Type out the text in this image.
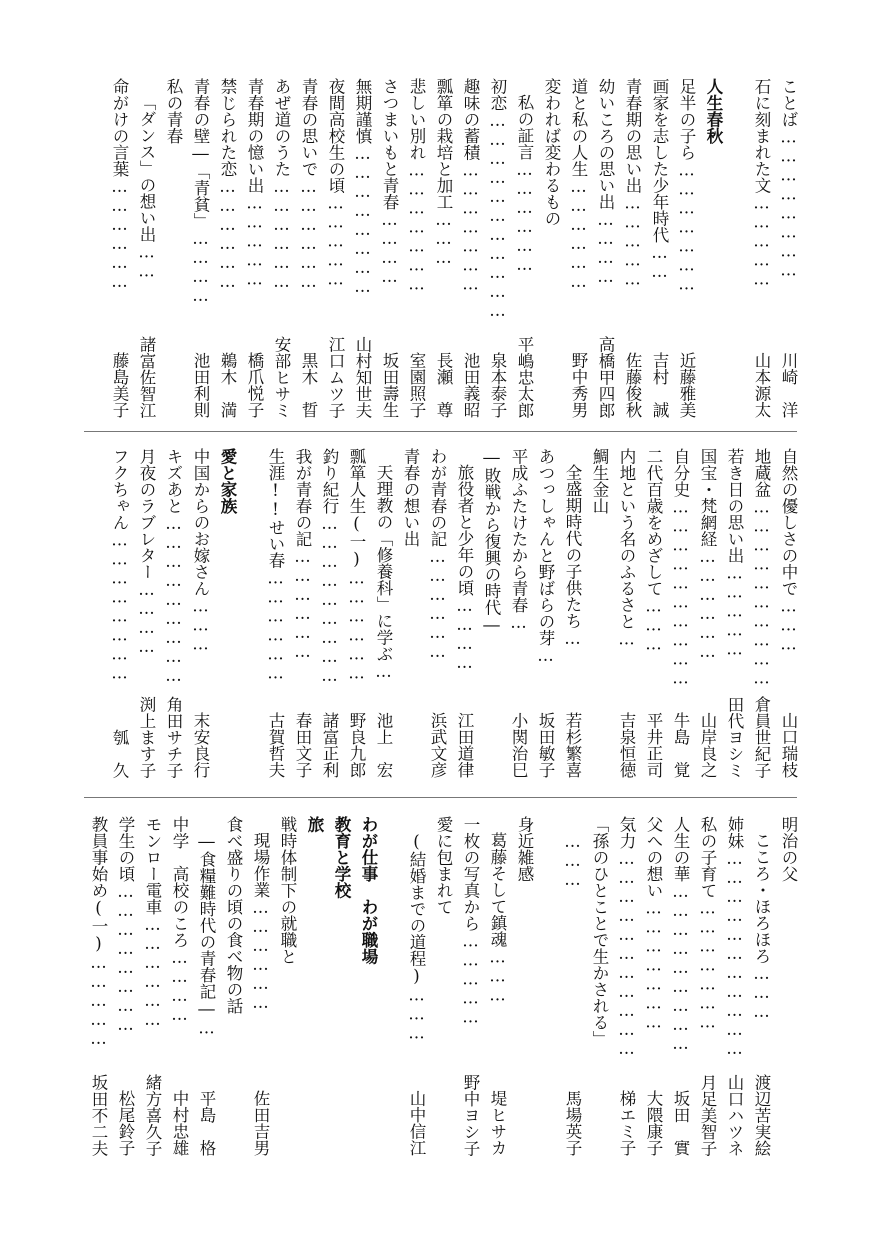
ことば……………………
川崎　洋
石に刻まれた文……………
山本源太
人生春秋
足半の子ら…………………
近藤雅美
画家を志した少年時代……
吉村　誠
青春期の思い出……………
佐藤俊秋
幼いころの思い出…………
高橋甲四郎
道と私の人生………………
野中秀男
変われば変わるもの
私の証言………………
平嶋忠太郎
初恋……………………………
泉本泰子
趣味の蓄積…………………
池田義昭
瓢箪の栽培と加工………
長瀬　尊
悲しい別れ…………………
室園照子
さつまいもと青春…………
坂田壽生
無期謹慎……………………
山村知世夫
夜間高校生の頃……………
江口ムツ子
青春の思いで………………
黒木　晢
あぜ道のうた………………
安部ヒサミ
青春期の憶い出……………
橋爪悦子
禁じられた恋………………
鵜木　満
青春の壁―「青貧」…………
池田利則
私の青春
「ダンス」の想い出……
諸富佐智江
命がけの言葉………………
藤島美子
自然の優しさの中で………
山口瑞枝
地蔵盆…………………………
倉員世紀子
若き日の思い出……………
田代ヨシミ
国宝・梵網経………………
山岸良之
自分史…………………………
牛島　覚
二代百歳をめざして………
平井正司
内地という名のふるさと…
吉泉恒徳
鯛生金山
全盛期時代の子供たち…
若杉繁喜
あつっしゃんと野ばらの芽…
坂田敏子
平成ふたけたから青春…
小関治巳
―敗戦から復興の時代―
旅役者と少年の頃…………
江田道律
わが青春の記………………
浜武文彦
青春の想い出
天理教の「修養科」に学ぶ…
池上　宏
瓢箪人生(一)………………
野良九郎
釣り紀行………………………
諸富正利
我が青春の記………………
春田文子
生涯!!せい春………………
古賀哲夫
愛と家族
中国からのお嫁さん………
末安良行
キズあと………………………
角田サチ子
月夜のラブレター…………
渕上ます子
フクちゃん……………………
瓠　久
明治の父
こころ・ほろほろ………
渡辺苦実絵
姉妹……………………………
山口ハツネ
私の子育て…………………
月足美智子
人生の華………………………
坂田　實
父への想い…………………
大隈康子
気力……………………………
梯エミ子
「孫のひとことで生かされる」
………
馬場英子
身近雑感
葛藤そして鎮魂………
堤ヒサカ
一枚の写真から……………
野中ヨシ子
愛に包まれて
(結婚までの道程)………
山中信江
わが仕事　わが職場
教育と学校
旅
戦時体制下の就職と
現場作業………………
佐田吉男
食べ盛りの頃の食べ物の話
―食糧難時代の青春記―…
平島　格
中学　高校のころ…………
中村忠雄
モンロー電車………………
緒方喜久子
学生の頃……………………
松尾鈴子
教員事始め(一)……………
坂田不二夫
